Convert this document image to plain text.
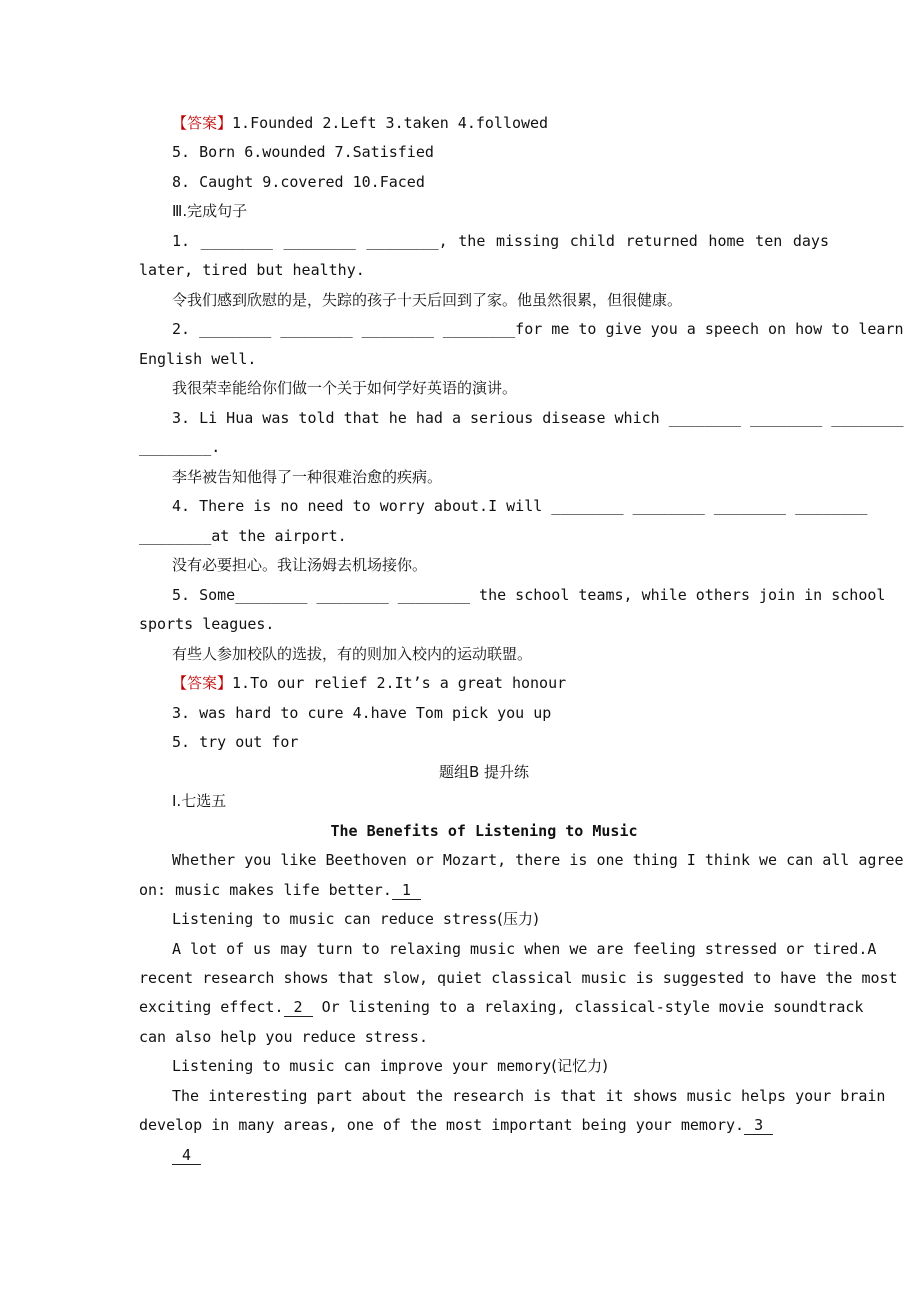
【答案】1.Founded 2.Left 3.taken 4.followed
5. Born 6.wounded 7.Satisfied
8. Caught 9.covered 10.Faced
Ⅲ.完成句子
1. ________ ________ ________, the missing child returned home ten days
later, tired but healthy.
令我们感到欣慰的是，失踪的孩子十天后回到了家。他虽然很累，但很健康。
2. ________ ________ ________ ________for me to give you a speech on how to learn
English well.
我很荣幸能给你们做一个关于如何学好英语的演讲。
3. Li Hua was told that he had a serious disease which ________ ________ ________
________.
李华被告知他得了一种很难治愈的疾病。
4. There is no need to worry about.I will ________ ________ ________ ________
________at the airport.
没有必要担心。我让汤姆去机场接你。
5. Some________ ________ ________ the school teams, while others join in school
sports leagues.
有些人参加校队的选拔，有的则加入校内的运动联盟。
【答案】1.To our relief 2.It’s a great honour
3. was hard to cure 4.have Tom pick you up
5. try out for
题组B 提升练
Ⅰ.七选五
The Benefits of Listening to Music
Whether you like Beethoven or Mozart, there is one thing I think we can all agree
on: music makes life better. 1
Listening to music can reduce stress(压力)
A lot of us may turn to relaxing music when we are feeling stressed or tired.A
recent research shows that slow, quiet classical music is suggested to have the most
exciting effect. 2 Or listening to a relaxing, classical-style movie soundtrack
can also help you reduce stress.
Listening to music can improve your memory(记忆力)
The interesting part about the research is that it shows music helps your brain
develop in many areas, one of the most important being your memory. 3
4
